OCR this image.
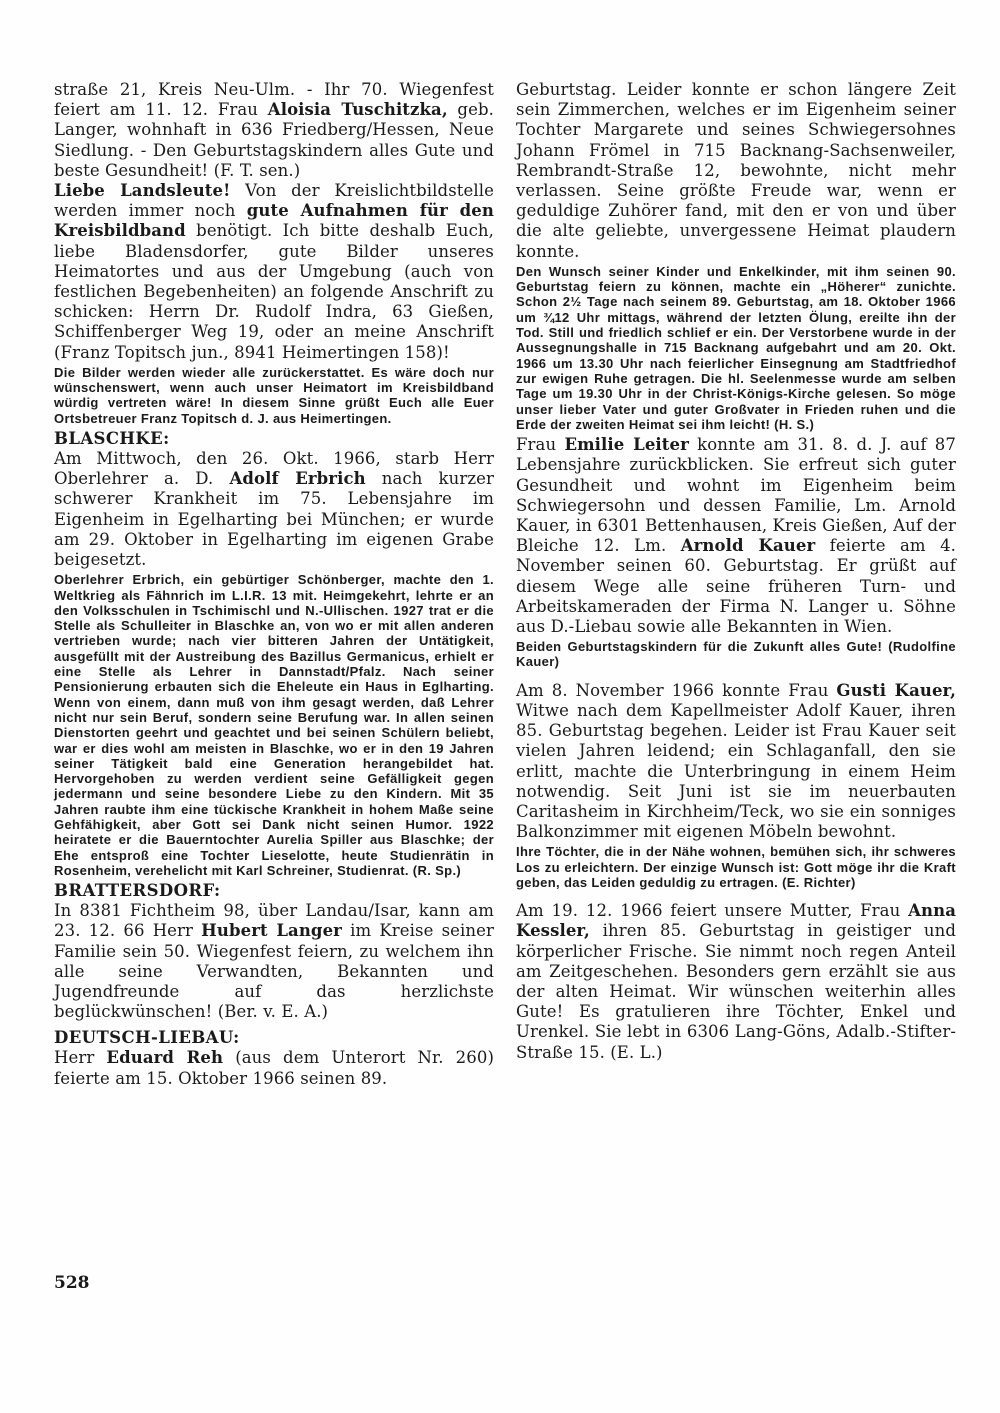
straße 21, Kreis Neu-Ulm. - Ihr 70. Wiegenfest feiert am 11. 12. Frau Aloisia Tuschitzka, geb. Langer, wohnhaft in 636 Friedberg/Hessen, Neue Siedlung. - Den Geburtstagskindern alles Gute und beste Gesundheit! (F. T. sen.)

Liebe Landsleute! Von der Kreislichtbildstelle werden immer noch gute Aufnahmen für den Kreisbildband benötigt. Ich bitte deshalb Euch, liebe Bladensdorfer, gute Bilder unseres Heimatortes und aus der Umgebung (auch von festlichen Begebenheiten) an folgende Anschrift zu schicken: Herrn Dr. Rudolf Indra, 63 Gießen, Schiffenberger Weg 19, oder an meine Anschrift (Franz Topitsch jun., 8941 Heimertingen 158)!

Die Bilder werden wieder alle zurückerstattet. Es wäre doch nur wünschenswert, wenn auch unser Heimatort im Kreisbildband würdig vertreten wäre! In diesem Sinne grüßt Euch alle Euer Ortsbetreuer Franz Topitsch d. J. aus Heimertingen.

BLASCHKE:

Am Mittwoch, den 26. Okt. 1966, starb Herr Oberlehrer a. D. Adolf Erbrich nach kurzer schwerer Krankheit im 75. Lebensjahre im Eigenheim in Egelharting bei München; er wurde am 29. Oktober in Egelharting im eigenen Grabe beigesetzt.

Oberlehrer Erbrich, ein gebürtiger Schönberger, machte den 1. Weltkrieg als Fähnrich im L.I.R. 13 mit. Heimgekehrt, lehrte er an den Volksschulen in Tschimischl und N.-Ullischen. 1927 trat er die Stelle als Schulleiter in Blaschke an, von wo er mit allen anderen vertrieben wurde; nach vier bitteren Jahren der Untätigkeit, ausgefüllt mit der Austreibung des Bazillus Germanicus, erhielt er eine Stelle als Lehrer in Dannstadt/Pfalz. Nach seiner Pensionierung erbauten sich die Eheleute ein Haus in Eglharting. Wenn von einem, dann muß von ihm gesagt werden, daß Lehrer nicht nur sein Beruf, sondern seine Berufung war. In allen seinen Dienstorten geehrt und geachtet und bei seinen Schülern beliebt, war er dies wohl am meisten in Blaschke, wo er in den 19 Jahren seiner Tätigkeit bald eine Generation herangebildet hat. Hervorgehoben zu werden verdient seine Gefälligkeit gegen jedermann und seine besondere Liebe zu den Kindern. Mit 35 Jahren raubte ihm eine tückische Krankheit in hohem Maße seine Gehfähigkeit, aber Gott sei Dank nicht seinen Humor. 1922 heiratete er die Bauerntochter Aurelia Spiller aus Blaschke; der Ehe entsproß eine Tochter Lieselotte, heute Studienrätin in Rosenheim, verehelicht mit Karl Schreiner, Studienrat. (R. Sp.)

BRATTERSDORF:

In 8381 Fichtheim 98, über Landau/Isar, kann am 23. 12. 66 Herr Hubert Langer im Kreise seiner Familie sein 50. Wiegenfest feiern, zu welchem ihn alle seine Verwandten, Bekannten und Jugendfreunde auf das herzlichste beglückwünschen! (Ber. v. E. A.)

DEUTSCH-LIEBAU:

Herr Eduard Reh (aus dem Unterort Nr. 260) feierte am 15. Oktober 1966 seinen 89.

Geburtstag. Leider konnte er schon längere Zeit sein Zimmerchen, welches er im Eigenheim seiner Tochter Margarete und seines Schwiegersohnes Johann Frömel in 715 Backnang-Sachsenweiler, Rembrandt-Straße 12, bewohnte, nicht mehr verlassen. Seine größte Freude war, wenn er geduldige Zuhörer fand, mit den er von und über die alte geliebte, unvergessene Heimat plaudern konnte.

Den Wunsch seiner Kinder und Enkelkinder, mit ihm seinen 90. Geburtstag feiern zu können, machte ein „Höherer“ zunichte. Schon 2½ Tage nach seinem 89. Geburtstag, am 18. Oktober 1966 um ¾12 Uhr mittags, während der letzten Ölung, ereilte ihn der Tod. Still und friedlich schlief er ein. Der Verstorbene wurde in der Aussegnungshalle in 715 Backnang aufgebahrt und am 20. Okt. 1966 um 13.30 Uhr nach feierlicher Einsegnung am Stadtfriedhof zur ewigen Ruhe getragen. Die hl. Seelenmesse wurde am selben Tage um 19.30 Uhr in der Christ-Königs-Kirche gelesen. So möge unser lieber Vater und guter Großvater in Frieden ruhen und die Erde der zweiten Heimat sei ihm leicht! (H. S.)

Frau Emilie Leiter konnte am 31. 8. d. J. auf 87 Lebensjahre zurückblicken. Sie erfreut sich guter Gesundheit und wohnt im Eigenheim beim Schwiegersohn und dessen Familie, Lm. Arnold Kauer, in 6301 Bettenhausen, Kreis Gießen, Auf der Bleiche 12. Lm. Arnold Kauer feierte am 4. November seinen 60. Geburtstag. Er grüßt auf diesem Wege alle seine früheren Turn- und Arbeitskameraden der Firma N. Langer u. Söhne aus D.-Liebau sowie alle Bekannten in Wien.

Beiden Geburtstagskindern für die Zukunft alles Gute! (Rudolfine Kauer)

Am 8. November 1966 konnte Frau Gusti Kauer, Witwe nach dem Kapellmeister Adolf Kauer, ihren 85. Geburtstag begehen. Leider ist Frau Kauer seit vielen Jahren leidend; ein Schlaganfall, den sie erlitt, machte die Unterbringung in einem Heim notwendig. Seit Juni ist sie im neuerbauten Caritasheim in Kirchheim/Teck, wo sie ein sonniges Balkonzimmer mit eigenen Möbeln bewohnt.

Ihre Töchter, die in der Nähe wohnen, bemühen sich, ihr schweres Los zu erleichtern. Der einzige Wunsch ist: Gott möge ihr die Kraft geben, das Leiden geduldig zu ertragen. (E. Richter)

Am 19. 12. 1966 feiert unsere Mutter, Frau Anna Kessler, ihren 85. Geburtstag in geistiger und körperlicher Frische. Sie nimmt noch regen Anteil am Zeitgeschehen. Besonders gern erzählt sie aus der alten Heimat. Wir wünschen weiterhin alles Gute! Es gratulieren ihre Töchter, Enkel und Urenkel. Sie lebt in 6306 Lang-Göns, Adalb.-Stifter-Straße 15. (E. L.)

528
